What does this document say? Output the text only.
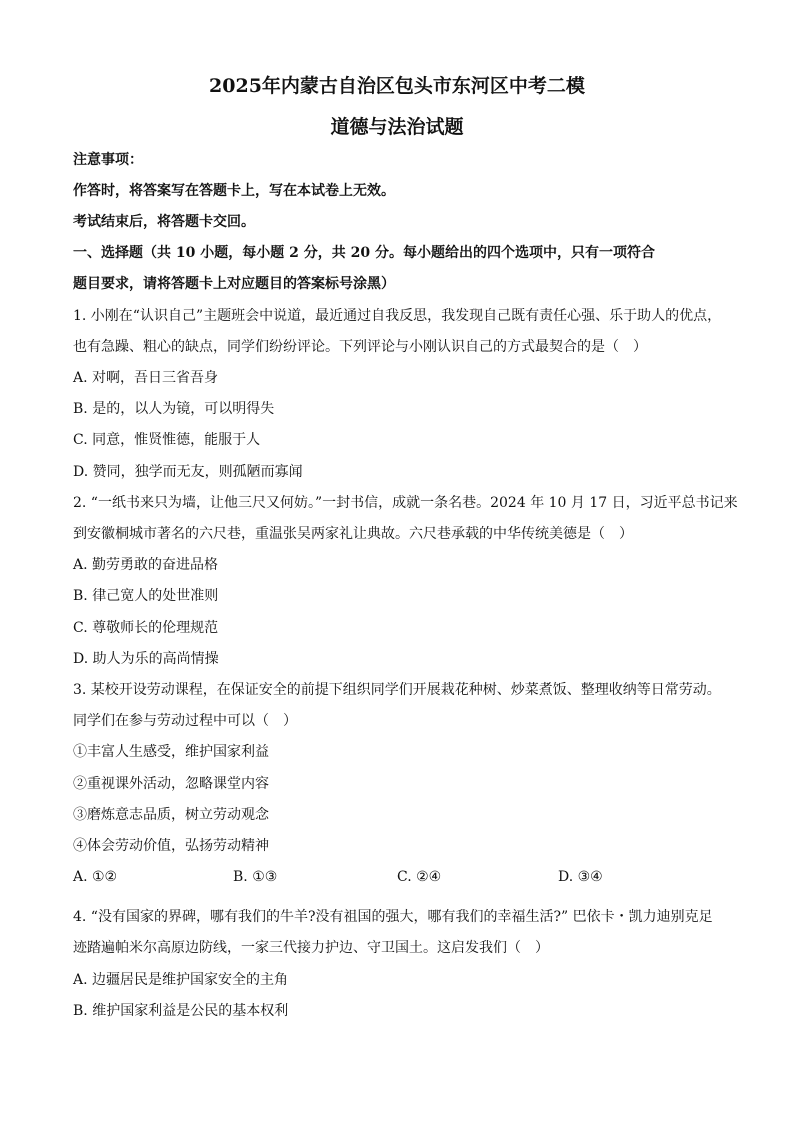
2025年内蒙古自治区包头市东河区中考二模
道德与法治试题
注意事项：
作答时，将答案写在答题卡上，写在本试卷上无效。
考试结束后，将答题卡交回。
一、选择题（共 10 小题，每小题 2 分，共 20 分。每小题给出的四个选项中，只有一项符合
题目要求，请将答题卡上对应题目的答案标号涂黑）
1. 小刚在“认识自己”主题班会中说道，最近通过自我反思，我发现自己既有责任心强、乐于助人的优点，
也有急躁、粗心的缺点，同学们纷纷评论。下列评论与小刚认识自己的方式最契合的是（　）
A. 对啊，吾日三省吾身
B. 是的，以人为镜，可以明得失
C. 同意，惟贤惟德，能服于人
D. 赞同，独学而无友，则孤陋而寡闻
2. “一纸书来只为墙，让他三尺又何妨。”一封书信，成就一条名巷。2024 年 10 月 17 日，习近平总书记来
到安徽桐城市著名的六尺巷，重温张吴两家礼让典故。六尺巷承载的中华传统美德是（　）
A. 勤劳勇敢的奋进品格
B. 律己宽人的处世准则
C. 尊敬师长的伦理规范
D. 助人为乐的高尚情操
3. 某校开设劳动课程，在保证安全的前提下组织同学们开展栽花种树、炒菜煮饭、整理收纳等日常劳动。
同学们在参与劳动过程中可以（　）
①丰富人生感受，维护国家利益
②重视课外活动，忽略课堂内容
③磨炼意志品质，树立劳动观念
④体会劳动价值，弘扬劳动精神
A. ①②	B. ①③	C. ②④	D. ③④
4. “没有国家的界碑，哪有我们的牛羊?没有祖国的强大，哪有我们的幸福生活?” 巴依卡・凯力迪别克足
迹踏遍帕米尔高原边防线，一家三代接力护边、守卫国土。这启发我们（　）
A. 边疆居民是维护国家安全的主角
B. 维护国家利益是公民的基本权利
